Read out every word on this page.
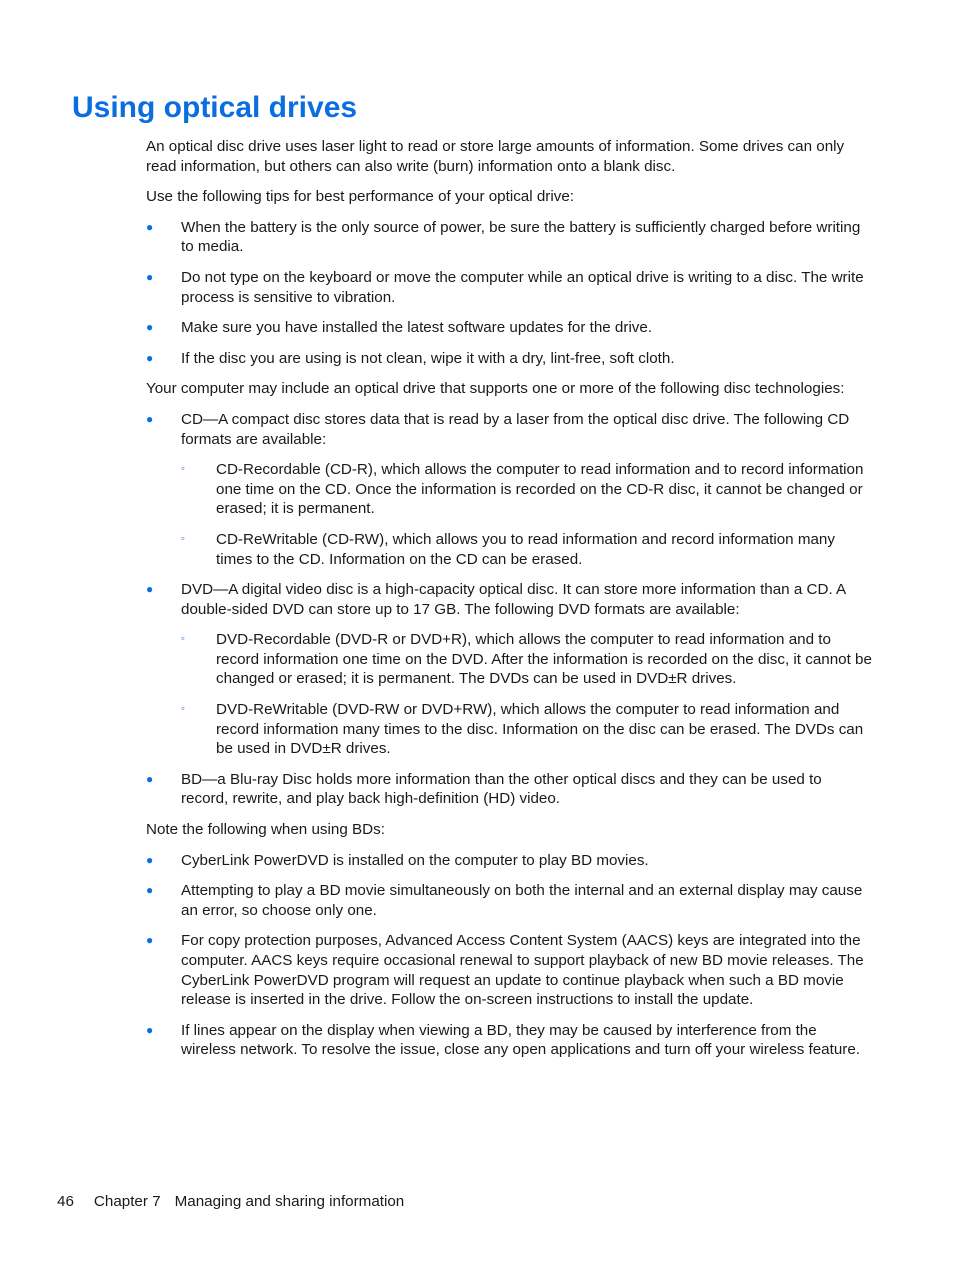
Using optical drives

An optical disc drive uses laser light to read or store large amounts of information. Some drives can only read information, but others can also write (burn) information onto a blank disc.

Use the following tips for best performance of your optical drive:

● When the battery is the only source of power, be sure the battery is sufficiently charged before writing to media.
● Do not type on the keyboard or move the computer while an optical drive is writing to a disc. The write process is sensitive to vibration.
● Make sure you have installed the latest software updates for the drive.
● If the disc you are using is not clean, wipe it with a dry, lint-free, soft cloth.

Your computer may include an optical drive that supports one or more of the following disc technologies:

● CD—A compact disc stores data that is read by a laser from the optical disc drive. The following CD formats are available:
◦ CD-Recordable (CD-R), which allows the computer to read information and to record information one time on the CD. Once the information is recorded on the CD-R disc, it cannot be changed or erased; it is permanent.
◦ CD-ReWritable (CD-RW), which allows you to read information and record information many times to the CD. Information on the CD can be erased.
● DVD—A digital video disc is a high-capacity optical disc. It can store more information than a CD. A double-sided DVD can store up to 17 GB. The following DVD formats are available:
◦ DVD-Recordable (DVD-R or DVD+R), which allows the computer to read information and to record information one time on the DVD. After the information is recorded on the disc, it cannot be changed or erased; it is permanent. The DVDs can be used in DVD±R drives.
◦ DVD-ReWritable (DVD-RW or DVD+RW), which allows the computer to read information and record information many times to the disc. Information on the disc can be erased. The DVDs can be used in DVD±R drives.
● BD—a Blu-ray Disc holds more information than the other optical discs and they can be used to record, rewrite, and play back high-definition (HD) video.

Note the following when using BDs:

● CyberLink PowerDVD is installed on the computer to play BD movies.
● Attempting to play a BD movie simultaneously on both the internal and an external display may cause an error, so choose only one.
● For copy protection purposes, Advanced Access Content System (AACS) keys are integrated into the computer. AACS keys require occasional renewal to support playback of new BD movie releases. The CyberLink PowerDVD program will request an update to continue playback when such a BD movie release is inserted in the drive. Follow the on-screen instructions to install the update.
● If lines appear on the display when viewing a BD, they may be caused by interference from the wireless network. To resolve the issue, close any open applications and turn off your wireless feature.
46 Chapter 7 Managing and sharing information
